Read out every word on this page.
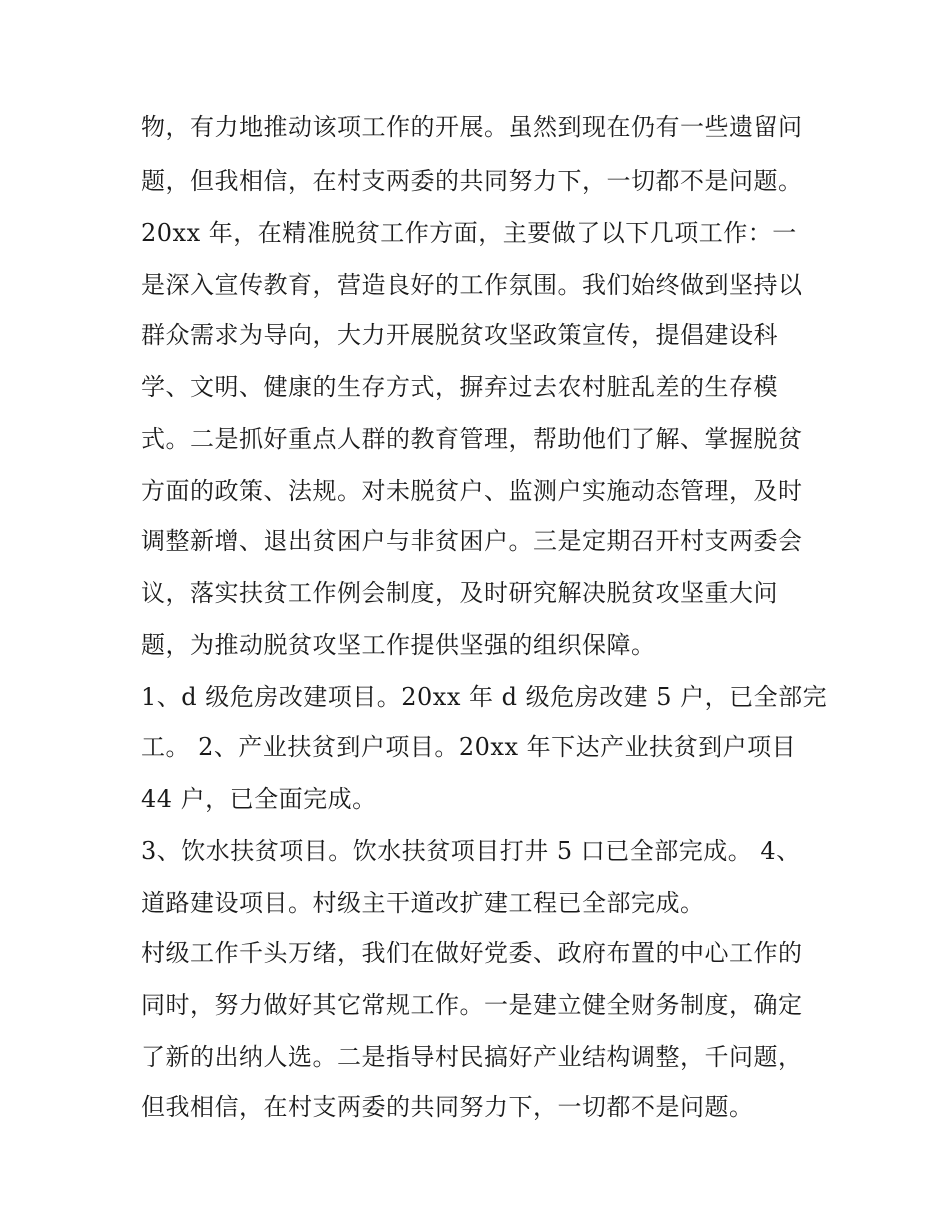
物，有力地推动该项工作的开展。虽然到现在仍有一些遗留问
题，但我相信，在村支两委的共同努力下，一切都不是问题。
20xx 年，在精准脱贫工作方面，主要做了以下几项工作：一
是深入宣传教育，营造良好的工作氛围。我们始终做到坚持以
群众需求为导向，大力开展脱贫攻坚政策宣传，提倡建设科
学、文明、健康的生存方式，摒弃过去农村脏乱差的生存模
式。二是抓好重点人群的教育管理，帮助他们了解、掌握脱贫
方面的政策、法规。对未脱贫户、监测户实施动态管理，及时
调整新增、退出贫困户与非贫困户。三是定期召开村支两委会
议，落实扶贫工作例会制度，及时研究解决脱贫攻坚重大问
题，为推动脱贫攻坚工作提供坚强的组织保障。
1、d 级危房改建项目。20xx 年 d 级危房改建 5 户，已全部完
工。 2、产业扶贫到户项目。20xx 年下达产业扶贫到户项目
44 户，已全面完成。
3、饮水扶贫项目。饮水扶贫项目打井 5 口已全部完成。 4、
道路建设项目。村级主干道改扩建工程已全部完成。
村级工作千头万绪，我们在做好党委、政府布置的中心工作的
同时，努力做好其它常规工作。一是建立健全财务制度，确定
了新的出纳人选。二是指导村民搞好产业结构调整，千问题，
但我相信，在村支两委的共同努力下，一切都不是问题。
